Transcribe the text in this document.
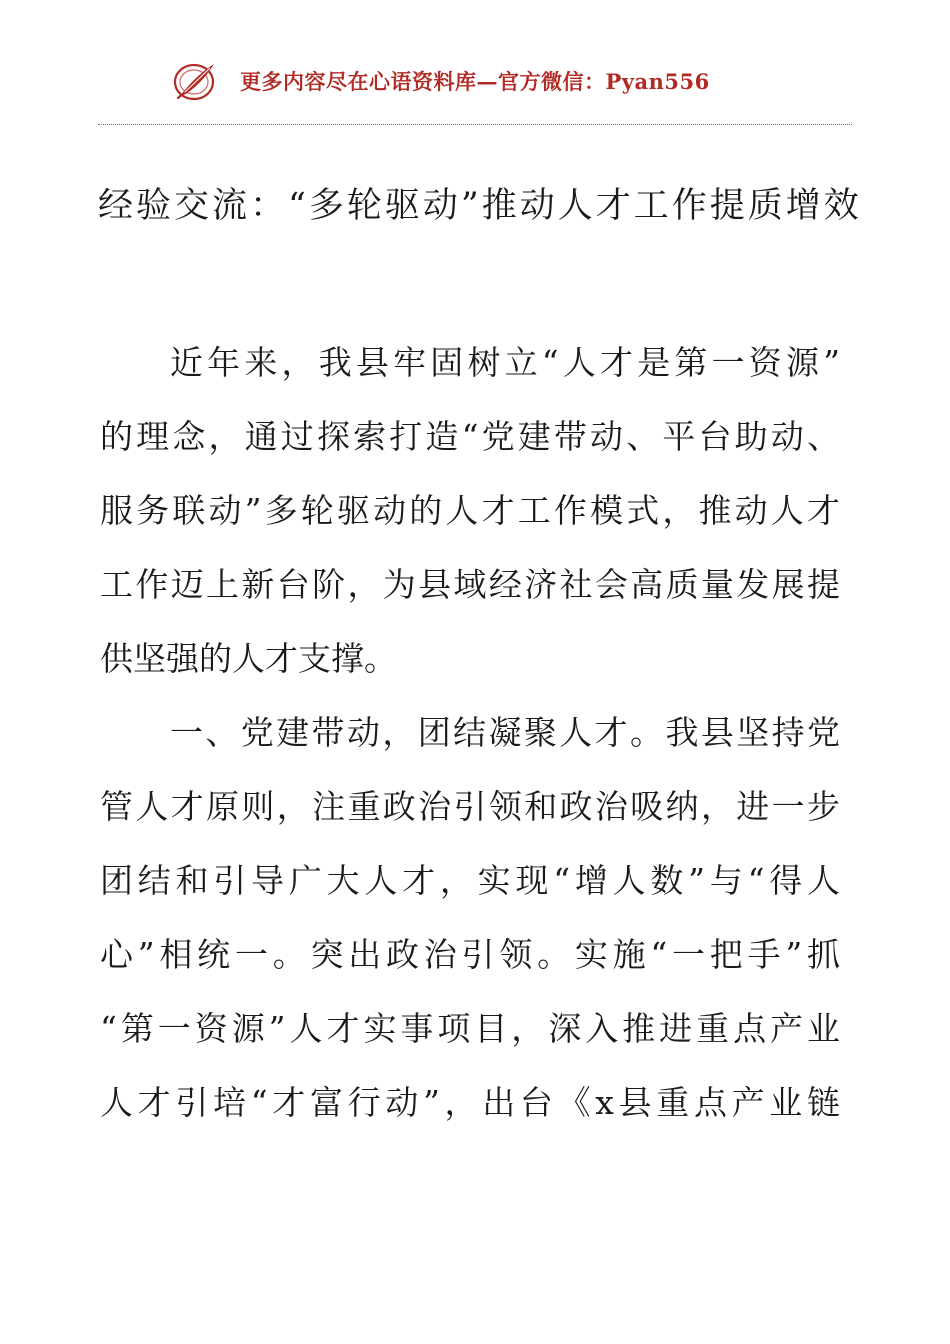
更多内容尽在心语资料库—官方微信：Pyan556
经验交流：“多轮驱动”推动人才工作提质增效
近年来，我县牢固树立“人才是第一资源”
的理念，通过探索打造“党建带动、平台助动、
服务联动”多轮驱动的人才工作模式，推动人才
工作迈上新台阶，为县域经济社会高质量发展提
供坚强的人才支撑。
一、党建带动，团结凝聚人才。我县坚持党
管人才原则，注重政治引领和政治吸纳，进一步
团结和引导广大人才，实现“增人数”与“得人
心”相统一。突出政治引领。实施“一把手”抓
“第一资源”人才实事项目，深入推进重点产业
人才引培“才富行动”，出台《x县重点产业链
